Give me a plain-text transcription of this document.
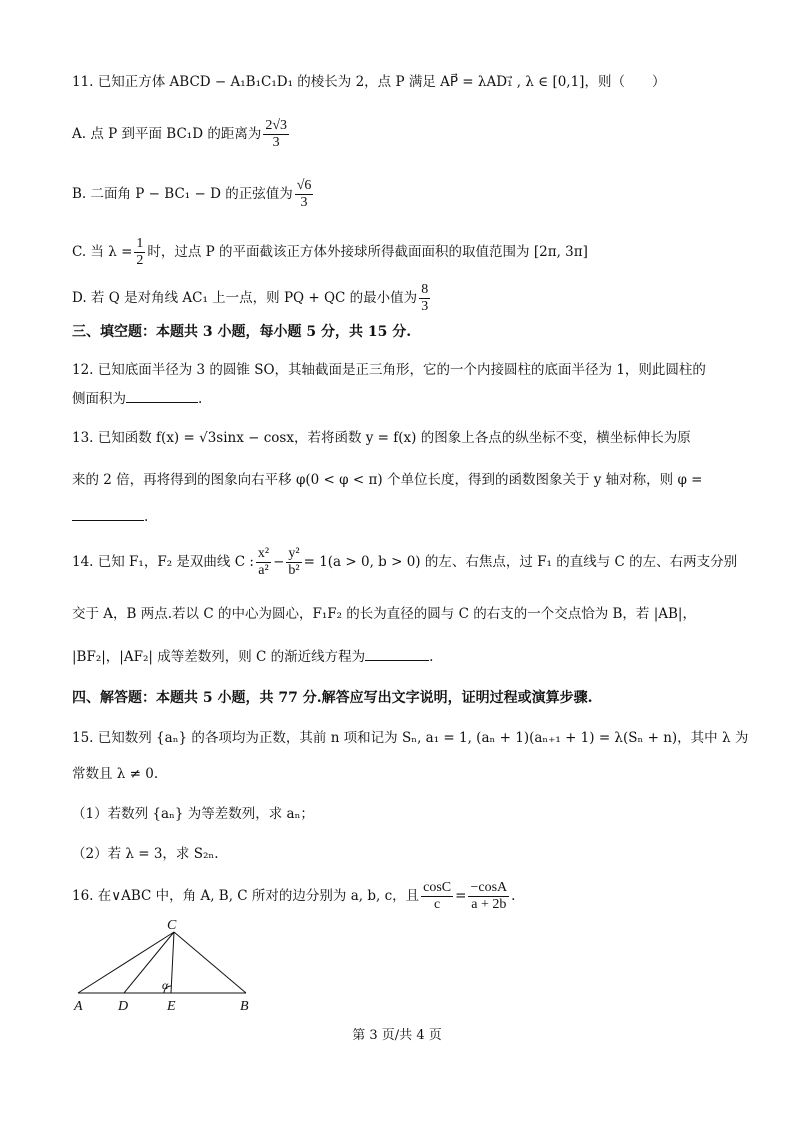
11. 已知正方体 ABCD − A₁B₁C₁D₁ 的棱长为 2，点 P 满足 AP⃗ = λAD₁⃗ , λ ∈ [0,1]，则（　　）
A. 点 P 到平面 BC₁D 的距离为 $\frac{2√3}{3}$
B. 二面角 P − BC₁ − D 的正弦值为 $\frac{√6}{3}$
C. 当 $\lambda = \frac{1}{2}$ 时，过点 P 的平面截该正方体外接球所得截面面积的取值范围为 [2π, 3π]
D. 若 Q 是对角线 AC₁ 上一点，则 PQ + QC 的最小值为 $\frac{8}{3}$
三、填空题：本题共 3 小题，每小题 5 分，共 15 分.
12. 已知底面半径为 3 的圆锥 SO，其轴截面是正三角形，它的一个内接圆柱的底面半径为 1，则此圆柱的
侧面积为	.
13. 已知函数 f(x) = √3sinx − cosx，若将函数 y = f(x) 的图象上各点的纵坐标不变，横坐标伸长为原
来的 2 倍，再将得到的图象向右平移 φ(0 < φ < π) 个单位长度，得到的函数图象关于 y 轴对称，则 φ =
.
14. 已知 F₁，F₂ 是双曲线 C : $\frac{\text{x²}}{\text{a²}} - \frac{\text{y²}}{\text{b²}} = 1(a > 0$, b > 0) 的左、右焦点，过 F₁ 的直线与 C 的左、右两支分别
交于 A，B 两点.若以 C 的中心为圆心，F₁F₂ 的长为直径的圆与 C 的右支的一个交点恰为 B，若 |AB|，
|BF₂|，|AF₂| 成等差数列，则 C 的渐近线方程为	.
四、解答题：本题共 5 小题，共 77 分.解答应写出文字说明，证明过程或演算步骤.
15. 已知数列 {aₙ} 的各项均为正数，其前 n 项和记为 Sₙ, a₁ = 1, (aₙ + 1)(aₙ₊₁ + 1) = λ(Sₙ + n)，其中 λ 为
常数且 λ ≠ 0.
（1）若数列 {aₙ} 为等差数列，求 aₙ；
（2）若 λ = 3，求 S₂ₙ.
16. 在∨ABC 中，角 A, B, C 所对的边分别为 a, b, c，且 $\frac{\cos C}{c} = \frac{-\cos A}{a + 2b}$ .
C
A	D	E	B
α
第 3 页/共 4 页
